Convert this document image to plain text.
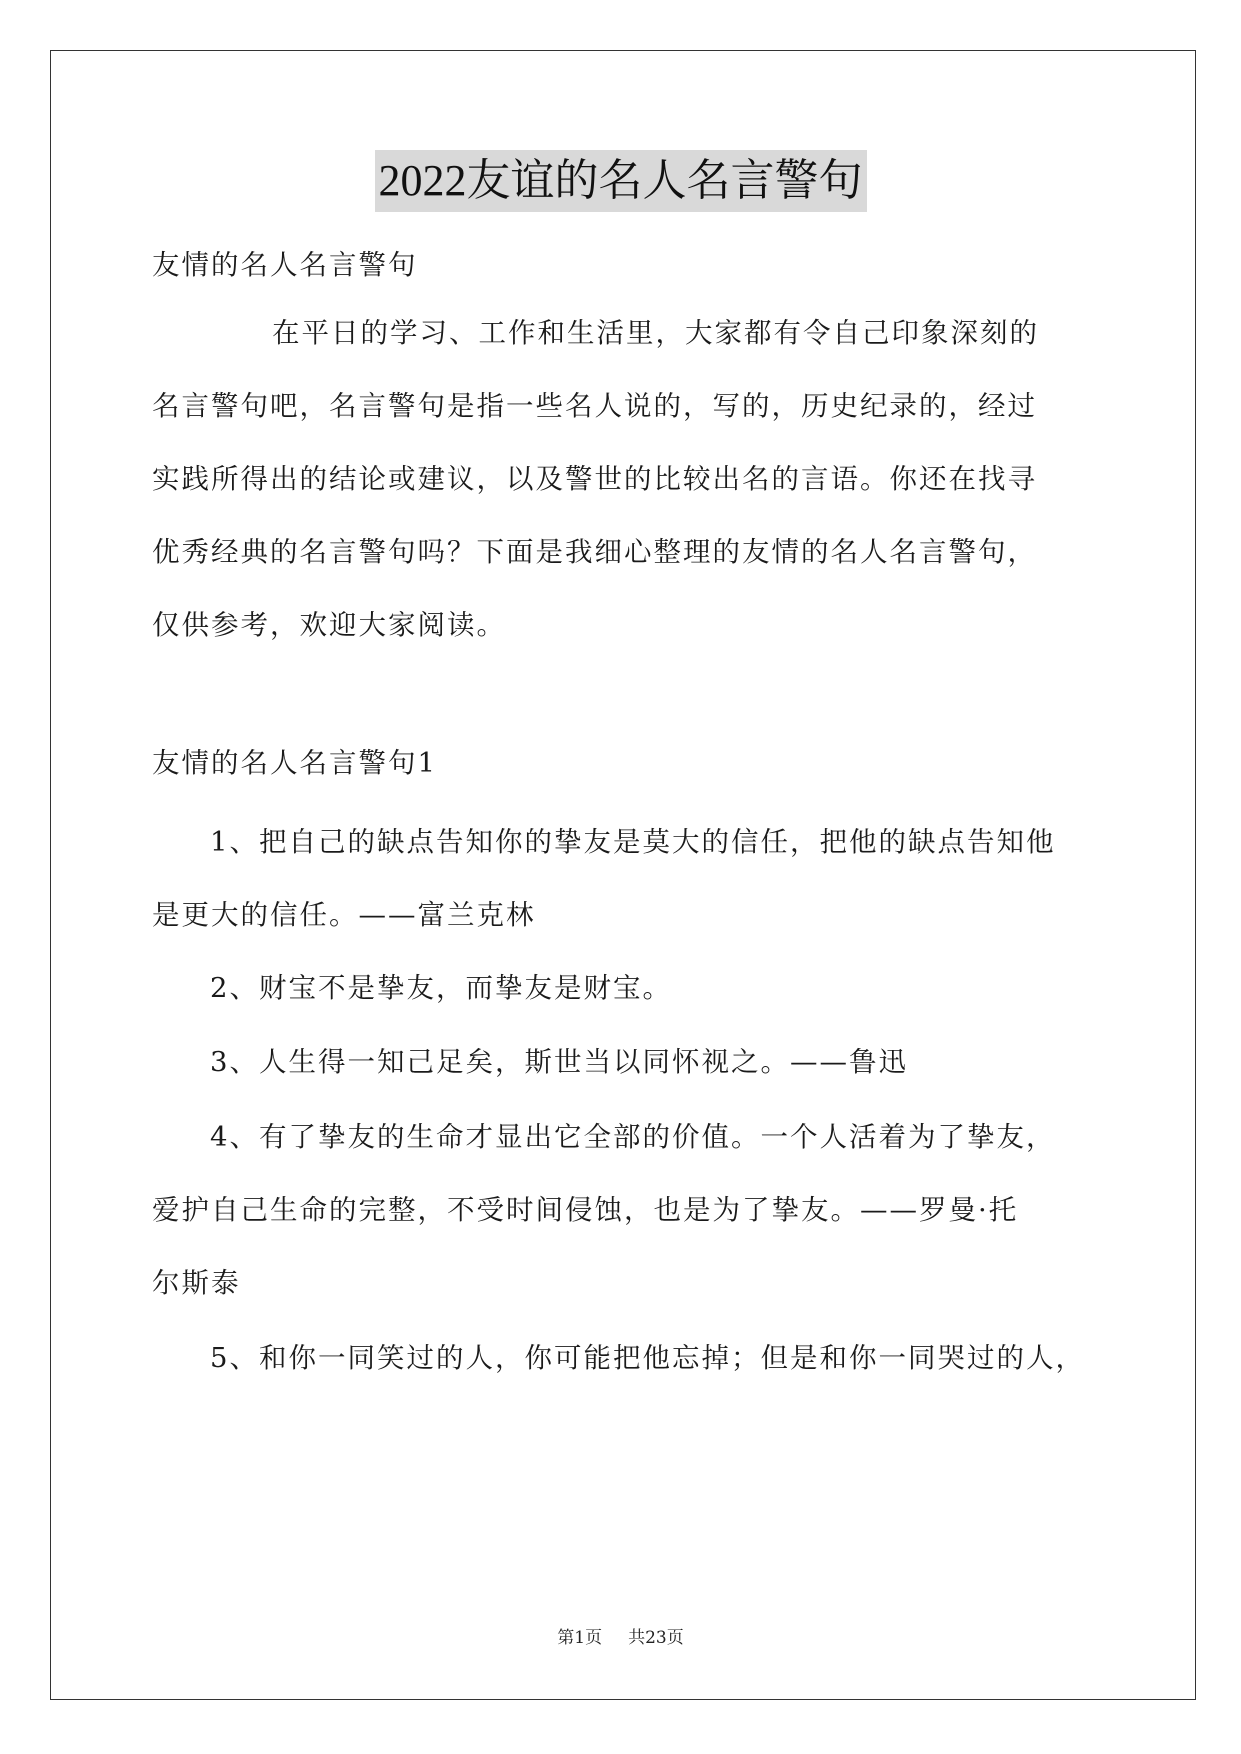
2022友谊的名人名言警句
友情的名人名言警句
在平日的学习、工作和生活里，大家都有令自己印象深刻的
名言警句吧，名言警句是指一些名人说的，写的，历史纪录的，经过
实践所得出的结论或建议，以及警世的比较出名的言语。你还在找寻
优秀经典的名言警句吗？下面是我细心整理的友情的名人名言警句，
仅供参考，欢迎大家阅读。
友情的名人名言警句1
1、把自己的缺点告知你的挚友是莫大的信任，把他的缺点告知他
是更大的信任。——富兰克林
2、财宝不是挚友，而挚友是财宝。
3、人生得一知己足矣，斯世当以同怀视之。——鲁迅
4、有了挚友的生命才显出它全部的价值。一个人活着为了挚友，
爱护自己生命的完整，不受时间侵蚀，也是为了挚友。——罗曼·托
尔斯泰
5、和你一同笑过的人，你可能把他忘掉；但是和你一同哭过的人，
第1页 共23页
